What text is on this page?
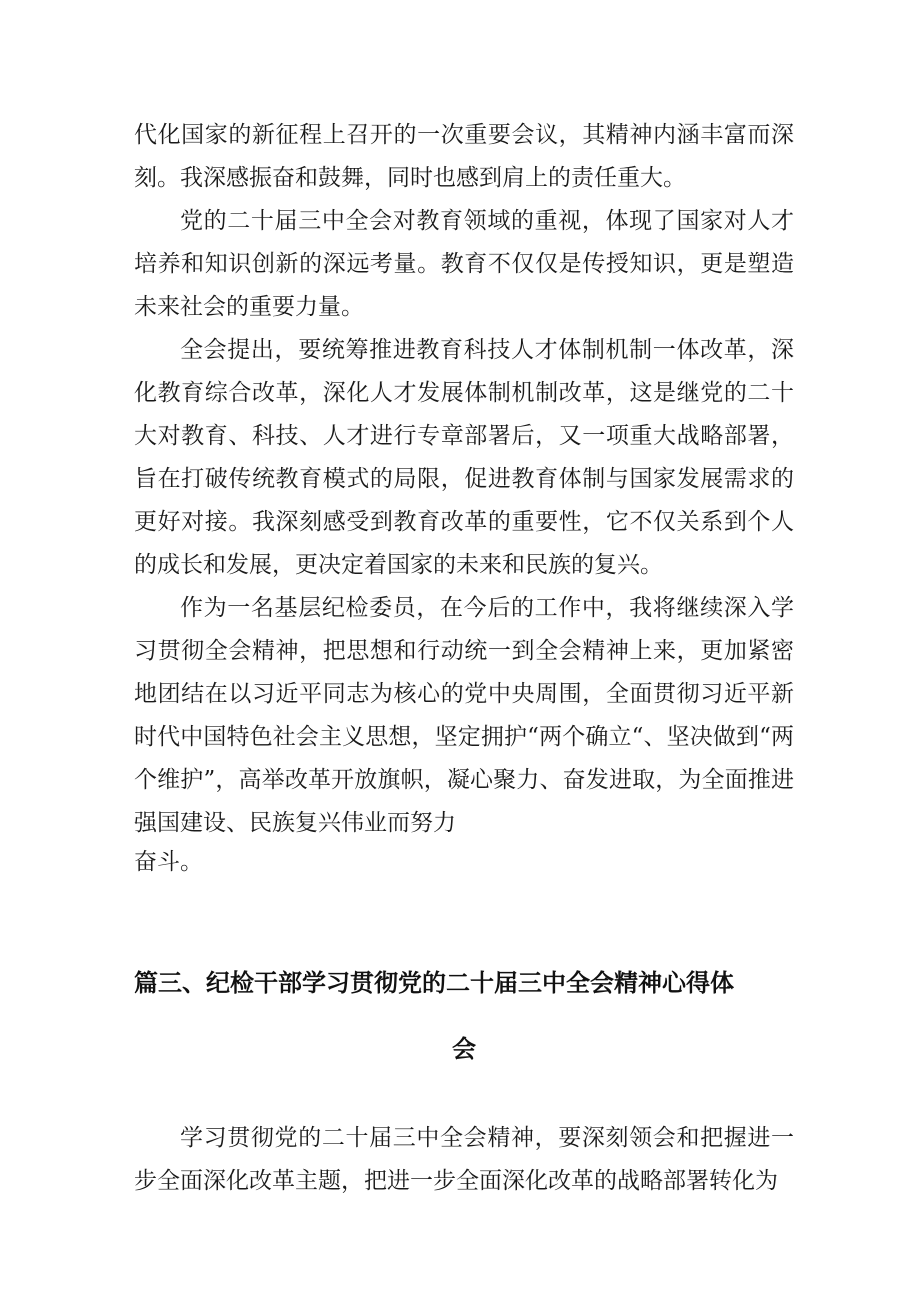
代化国家的新征程上召开的一次重要会议，其精神内涵丰富而深刻。我深感振奋和鼓舞，同时也感到肩上的责任重大。

党的二十届三中全会对教育领域的重视，体现了国家对人才培养和知识创新的深远考量。教育不仅仅是传授知识，更是塑造未来社会的重要力量。

全会提出，要统筹推进教育科技人才体制机制一体改革，深化教育综合改革，深化人才发展体制机制改革，这是继党的二十大对教育、科技、人才进行专章部署后，又一项重大战略部署，旨在打破传统教育模式的局限，促进教育体制与国家发展需求的更好对接。我深刻感受到教育改革的重要性，它不仅关系到个人的成长和发展，更决定着国家的未来和民族的复兴。

作为一名基层纪检委员，在今后的工作中，我将继续深入学习贯彻全会精神，把思想和行动统一到全会精神上来，更加紧密地团结在以习近平同志为核心的党中央周围，全面贯彻习近平新时代中国特色社会主义思想，坚定拥护“两个确立“、坚决做到“两个维护”，高举改革开放旗帜，凝心聚力、奋发进取，为全面推进强国建设、民族复兴伟业而努力

奋斗。

篇三、纪检干部学习贯彻党的二十届三中全会精神心得体
会

学习贯彻党的二十届三中全会精神，要深刻领会和把握进一步全面深化改革主题，把进一步全面深化改革的战略部署转化为
